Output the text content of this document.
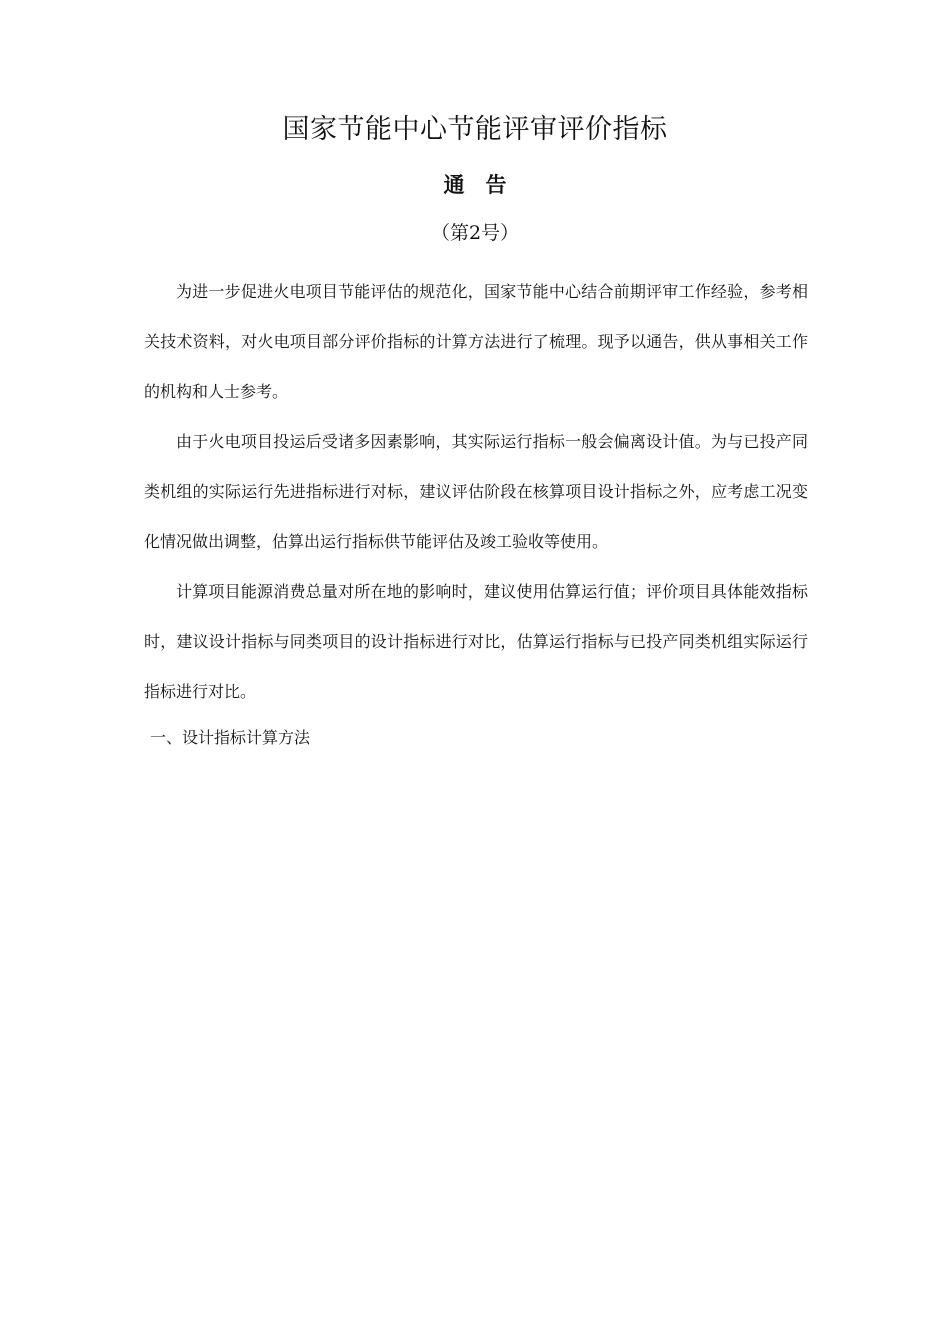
国家节能中心节能评审评价指标
通　告
（第2号）

为进一步促进火电项目节能评估的规范化，国家节能中心结合前期评审工作经验，参考相关技术资料，对火电项目部分评价指标的计算方法进行了梳理。现予以通告，供从事相关工作的机构和人士参考。

由于火电项目投运后受诸多因素影响，其实际运行指标一般会偏离设计值。为与已投产同类机组的实际运行先进指标进行对标，建议评估阶段在核算项目设计指标之外，应考虑工况变化情况做出调整，估算出运行指标供节能评估及竣工验收等使用。

计算项目能源消费总量对所在地的影响时，建议使用估算运行值；评价项目具体能效指标时，建议设计指标与同类项目的设计指标进行对比，估算运行指标与已投产同类机组实际运行指标进行对比。

一、设计指标计算方法
